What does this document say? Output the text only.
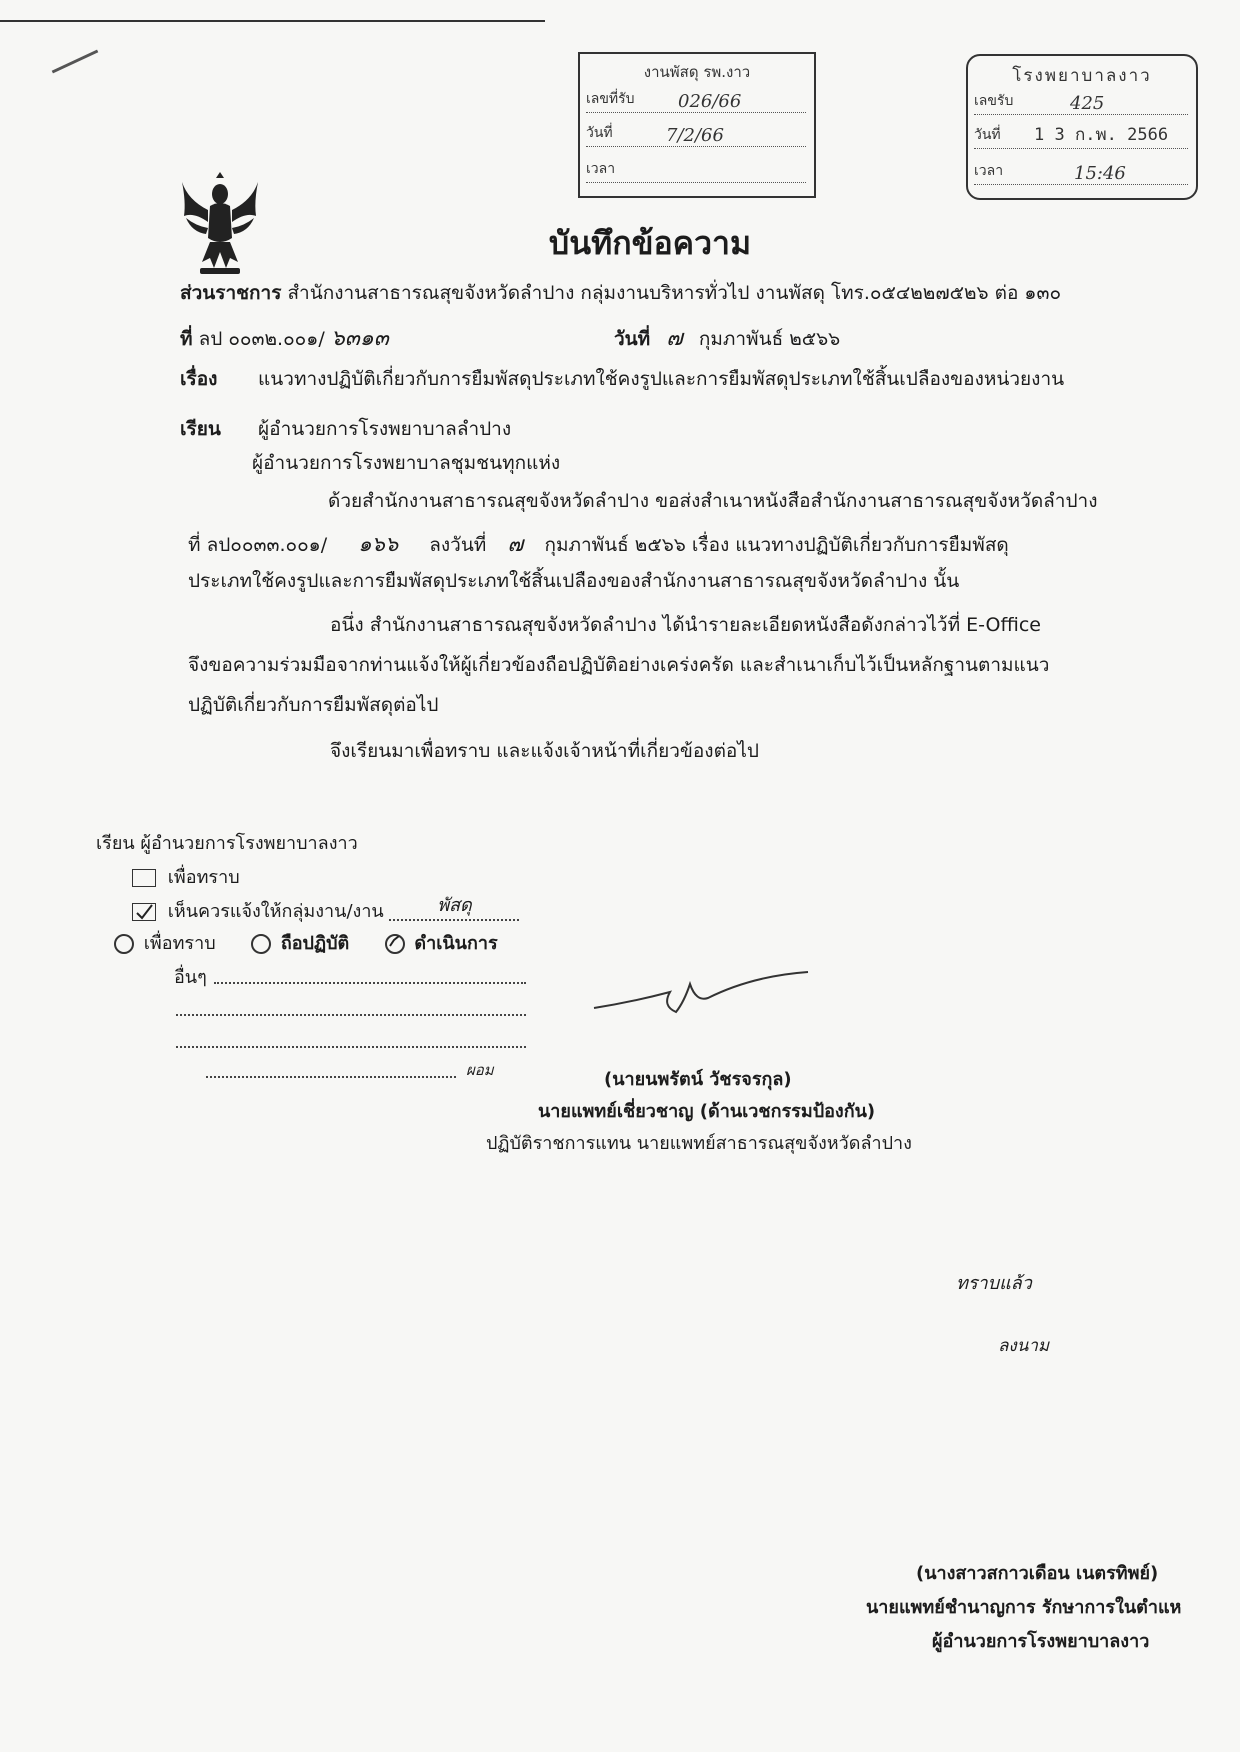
งานพัสดุ รพ.งาว
เลขที่รับ 026/66
วันที่	7/2/66
เวลา
โรงพยาบาลงาว
เลขรับ	425
วันที่ 1 3 ก.พ. 2566
เวลา	15:46
บันทึกข้อความ
ส่วนราชการ สำนักงานสาธารณสุขจังหวัดลำปาง กลุ่มงานบริหารทั่วไป งานพัสดุ โทร.๐๕๔๒๒๗๕๒๖ ต่อ ๑๓๐
ที่ ลป ๐๐๓๒.๐๐๑/ ๖๓๑๓	วันที่ ๗ กุมภาพันธ์ ๒๕๖๖
เรื่อง แนวทางปฏิบัติเกี่ยวกับการยืมพัสดุประเภทใช้คงรูปและการยืมพัสดุประเภทใช้สิ้นเปลืองของหน่วยงาน
เรียน ผู้อำนวยการโรงพยาบาลลำปาง
ผู้อำนวยการโรงพยาบาลชุมชนทุกแห่ง
ด้วยสำนักงานสาธารณสุขจังหวัดลำปาง ขอส่งสำเนาหนังสือสำนักงานสาธารณสุขจังหวัดลำปาง
ที่ ลป๐๐๓๓.๐๐๑/ ๑๖๖ ลงวันที่ ๗ กุมภาพันธ์ ๒๕๖๖ เรื่อง แนวทางปฏิบัติเกี่ยวกับการยืมพัสดุ
ประเภทใช้คงรูปและการยืมพัสดุประเภทใช้สิ้นเปลืองของสำนักงานสาธารณสุขจังหวัดลำปาง นั้น
อนึ่ง สำนักงานสาธารณสุขจังหวัดลำปาง ได้นำรายละเอียดหนังสือดังกล่าวไว้ที่ E-Office
จึงขอความร่วมมือจากท่านแจ้งให้ผู้เกี่ยวข้องถือปฏิบัติอย่างเคร่งครัด และสำเนาเก็บไว้เป็นหลักฐานตามแนว
ปฏิบัติเกี่ยวกับการยืมพัสดุต่อไป
จึงเรียนมาเพื่อทราบ และแจ้งเจ้าหน้าที่เกี่ยวข้องต่อไป
เรียน ผู้อำนวยการโรงพยาบาลงาว
เพื่อทราบ
เห็นควรแจ้งให้กลุ่มงาน/งาน	พัสดุ
เพื่อทราบ	ถือปฏิบัติ	ดำเนินการ
อื่นๆ
ผอม	(นายนพรัตน์ วัชรจรกุล)
นายแพทย์เชี่ยวชาญ (ด้านเวชกรรมป้องกัน)
ปฏิบัติราชการแทน นายแพทย์สาธารณสุขจังหวัดลำปาง
ทราบแล้ว
ลงนาม
(นางสาวสกาวเดือน เนตรทิพย์)
นายแพทย์ชำนาญการ รักษาการในตำแห
ผู้อำนวยการโรงพยาบาลงาว
